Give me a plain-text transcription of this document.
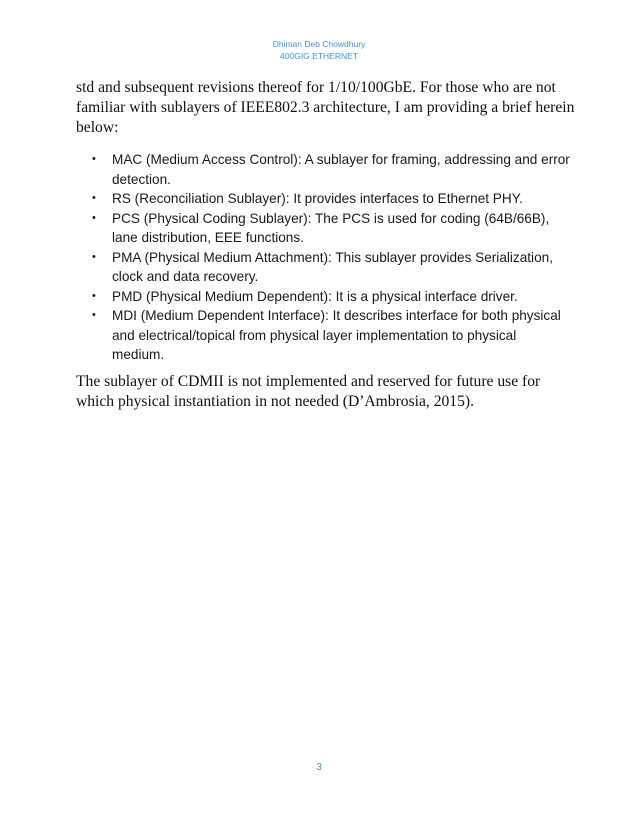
Dhiman Deb Chowdhury
400GIG ETHERNET

std and subsequent revisions thereof for 1/10/100GbE. For those who are not familiar with sublayers of IEEE802.3 architecture, I am providing a brief herein below:

• MAC (Medium Access Control): A sublayer for framing, addressing and error detection.
• RS (Reconciliation Sublayer): It provides interfaces to Ethernet PHY.
• PCS (Physical Coding Sublayer): The PCS is used for coding (64B/66B), lane distribution, EEE functions.
• PMA (Physical Medium Attachment): This sublayer provides Serialization, clock and data recovery.
• PMD (Physical Medium Dependent): It is a physical interface driver.
• MDI (Medium Dependent Interface): It describes interface for both physical and electrical/topical from physical layer implementation to physical medium.

The sublayer of CDMII is not implemented and reserved for future use for which physical instantiation in not needed (D’Ambrosia, 2015).

3
